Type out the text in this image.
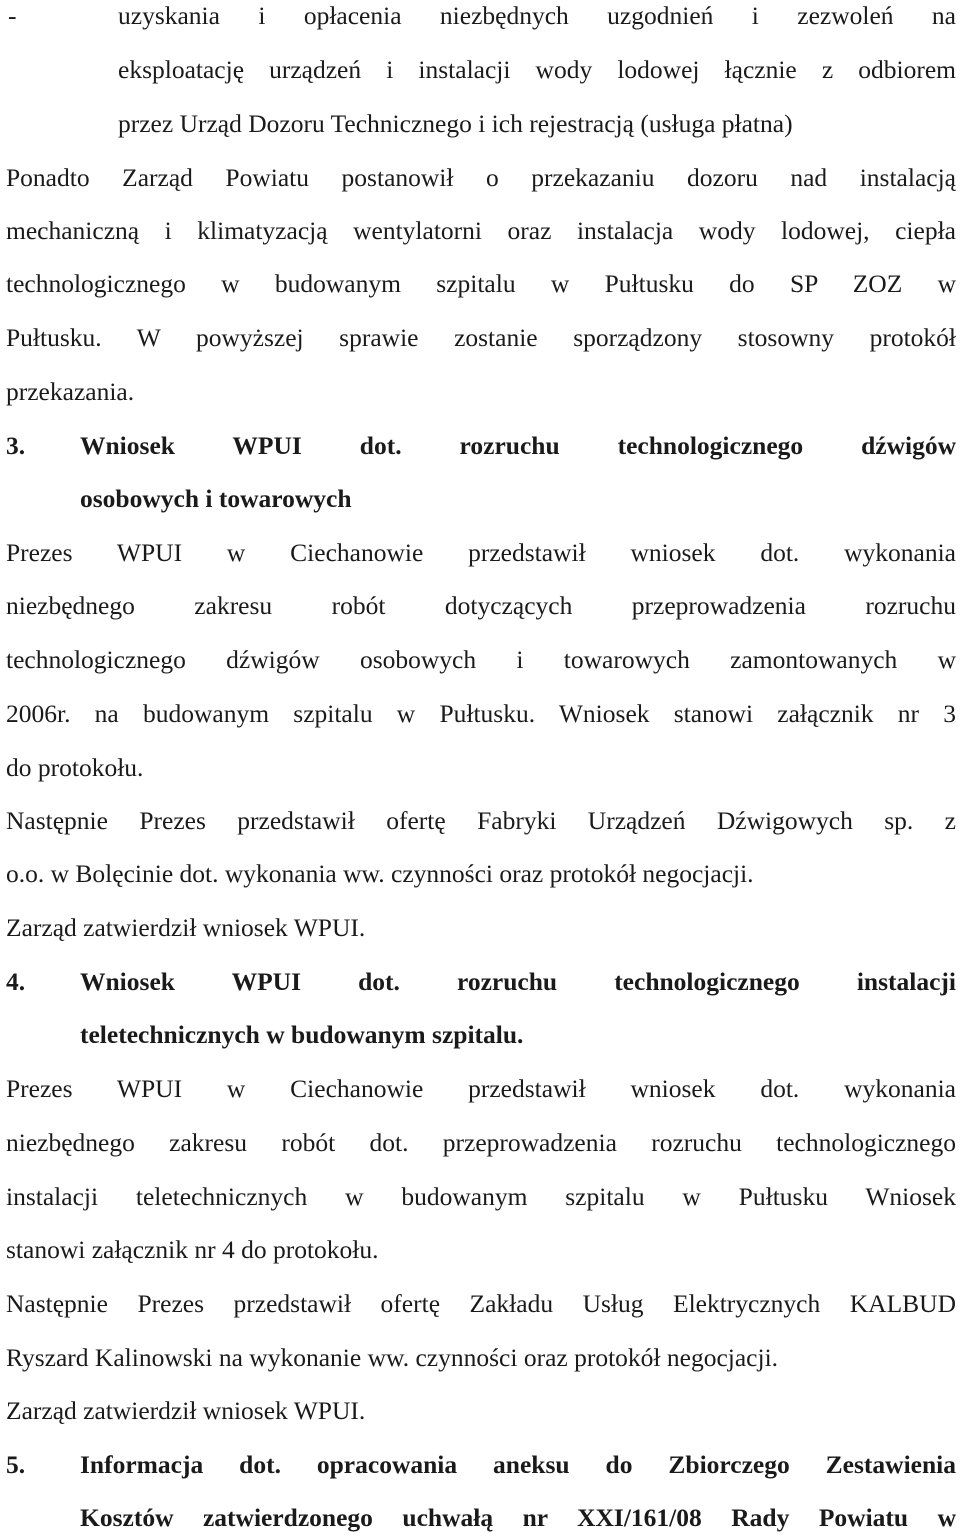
-	uzyskania i opłacenia niezbędnych uzgodnień i zezwoleń na
eksploatację urządzeń i instalacji wody lodowej łącznie z odbiorem
przez Urząd Dozoru Technicznego i ich rejestracją (usługa płatna)
Ponadto Zarząd Powiatu postanowił o przekazaniu dozoru nad instalacją
mechaniczną i klimatyzacją wentylatorni oraz instalacja wody lodowej, ciepła
technologicznego w budowanym szpitalu w Pułtusku do SP ZOZ w
Pułtusku. W powyższej sprawie zostanie sporządzony stosowny protokół
przekazania.
3. Wniosek WPUI dot. rozruchu technologicznego dźwigów
osobowych i towarowych
Prezes WPUI w Ciechanowie przedstawił wniosek dot. wykonania
niezbędnego zakresu robót dotyczących przeprowadzenia rozruchu
technologicznego dźwigów osobowych i towarowych zamontowanych w
2006r. na budowanym szpitalu w Pułtusku. Wniosek stanowi załącznik nr 3
do protokołu.
Następnie Prezes przedstawił ofertę Fabryki Urządzeń Dźwigowych sp. z
o.o. w Bolęcinie dot. wykonania ww. czynności oraz protokół negocjacji.
Zarząd zatwierdził wniosek WPUI.
4. Wniosek WPUI dot. rozruchu technologicznego instalacji
teletechnicznych w budowanym szpitalu.
Prezes WPUI w Ciechanowie przedstawił wniosek dot. wykonania
niezbędnego zakresu robót dot. przeprowadzenia rozruchu technologicznego
instalacji teletechnicznych w budowanym szpitalu w Pułtusku Wniosek
stanowi załącznik nr 4 do protokołu.
Następnie Prezes przedstawił ofertę Zakładu Usług Elektrycznych KALBUD
Ryszard Kalinowski na wykonanie ww. czynności oraz protokół negocjacji.
Zarząd zatwierdził wniosek WPUI.
5. Informacja dot. opracowania aneksu do Zbiorczego Zestawienia
Kosztów zatwierdzonego uchwałą nr XXI/161/08 Rady Powiatu w
